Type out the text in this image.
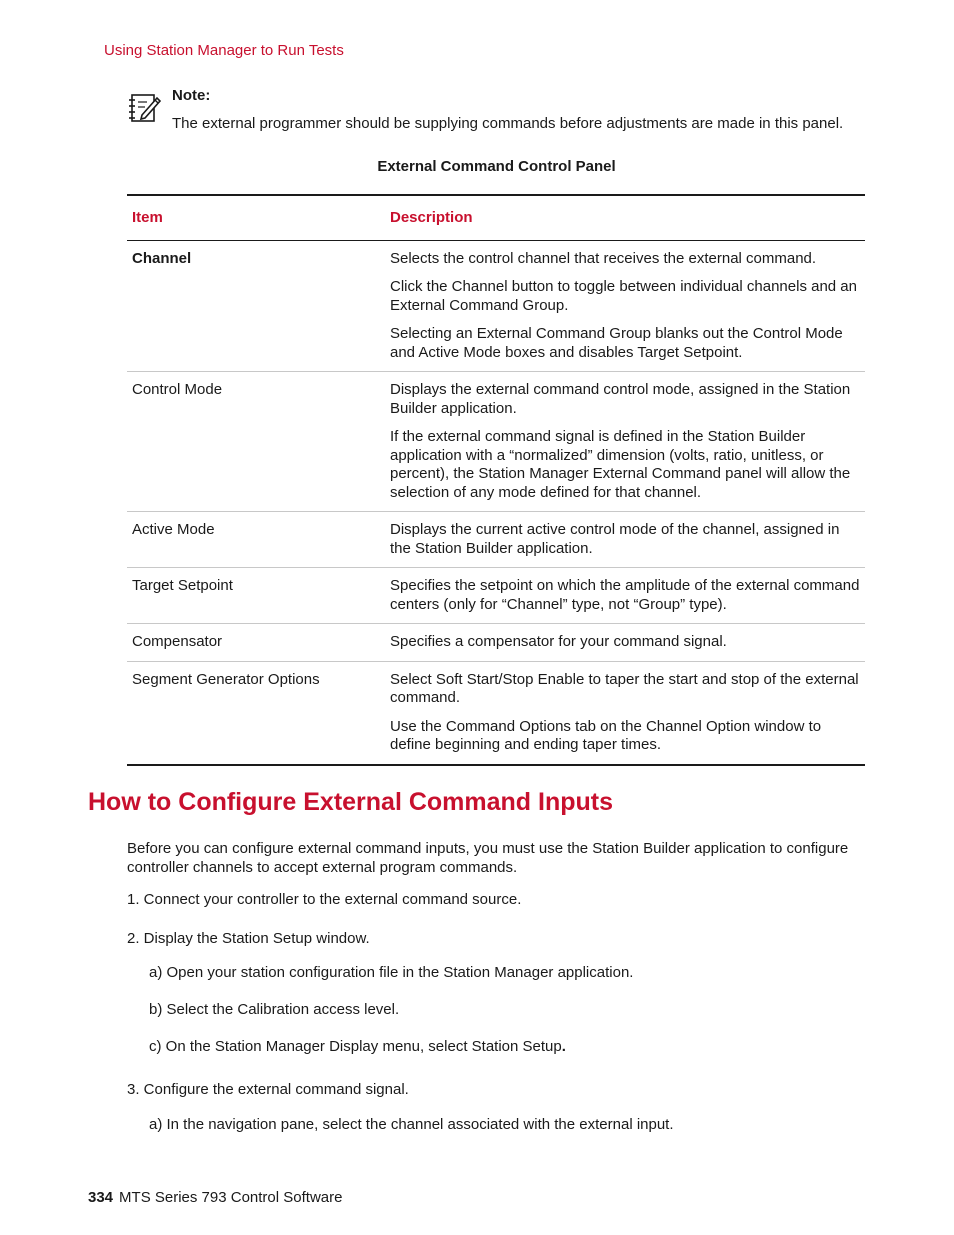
Using Station Manager to Run Tests
Note:
The external programmer should be supplying commands before adjustments are made in this panel.
External Command Control Panel
Item	Description
Channel	Selects the control channel that receives the external command.

Click the Channel button to toggle between individual channels and an External Command Group.

Selecting an External Command Group blanks out the Control Mode and Active Mode boxes and disables Target Setpoint.

Control Mode	Displays the external command control mode, assigned in the Station Builder application.

If the external command signal is defined in the Station Builder application with a “normalized” dimension (volts, ratio, unitless, or percent), the Station Manager External Command panel will allow the selection of any mode defined for that channel.

Active Mode	Displays the current active control mode of the channel, assigned in the Station Builder application.

Target Setpoint	Specifies the setpoint on which the amplitude of the external command centers (only for “Channel” type, not “Group” type).

Compensator	Specifies a compensator for your command signal.

Segment Generator Options	Select Soft Start/Stop Enable to taper the start and stop of the external command.

Use the Command Options tab on the Channel Option window to define beginning and ending taper times.

How to Configure External Command Inputs

Before you can configure external command inputs, you must use the Station Builder application to configure controller channels to accept external program commands.

1. Connect your controller to the external command source.
2. Display the Station Setup window.
a) Open your station configuration file in the Station Manager application.
b) Select the Calibration access level.
c) On the Station Manager Display menu, select Station Setup.
3. Configure the external command signal.
a) In the navigation pane, select the channel associated with the external input.
334 MTS Series 793 Control Software
